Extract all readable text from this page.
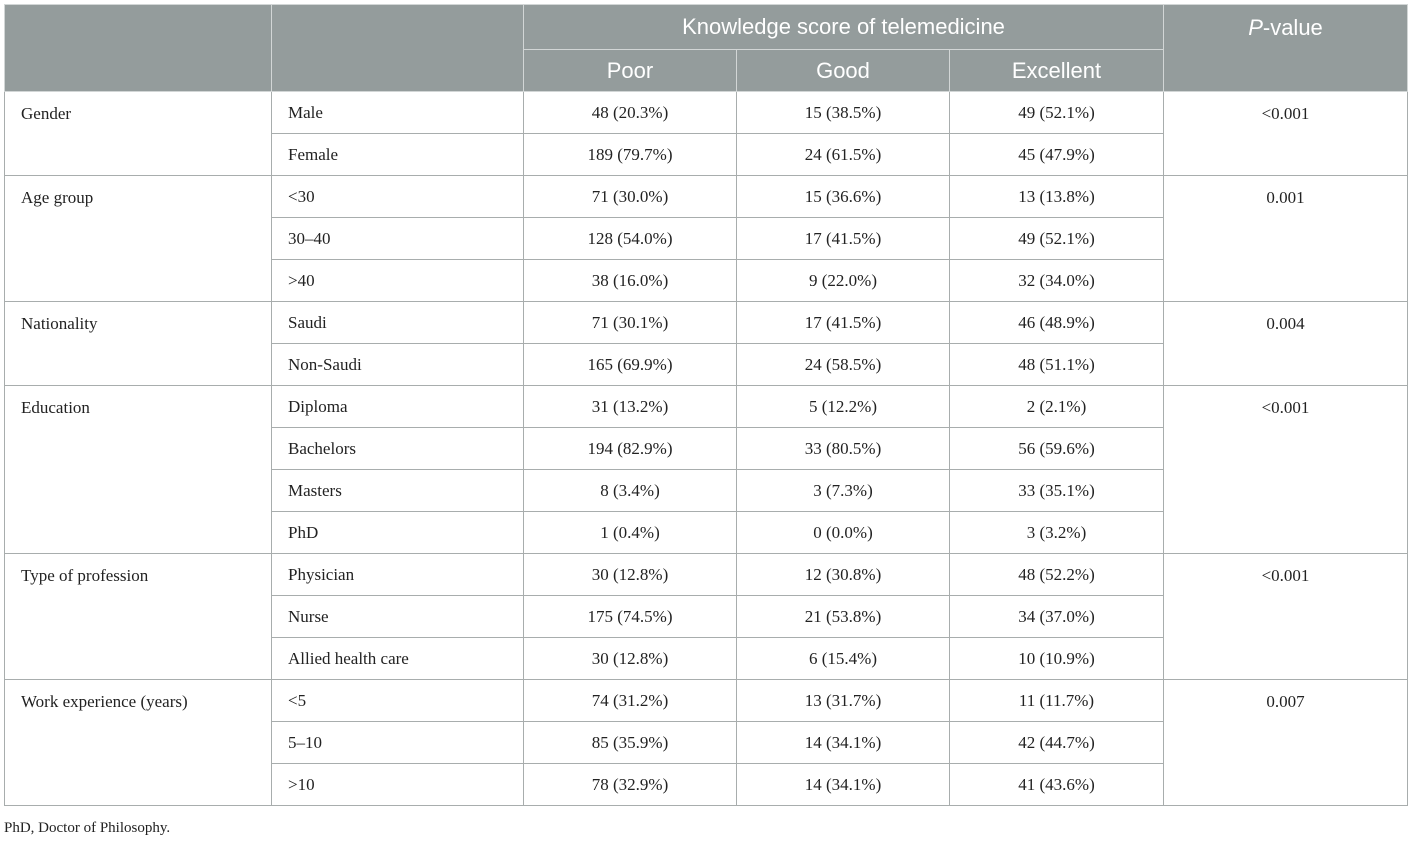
		Knowledge score of telemedicine			P-value
		Poor	Good	Excellent	
Gender	Male	48 (20.3%)	15 (38.5%)	49 (52.1%)	<0.001
	Female	189 (79.7%)	24 (61.5%)	45 (47.9%)	
Age group	<30	71 (30.0%)	15 (36.6%)	13 (13.8%)	0.001
	30–40	128 (54.0%)	17 (41.5%)	49 (52.1%)	
	>40	38 (16.0%)	9 (22.0%)	32 (34.0%)	
Nationality	Saudi	71 (30.1%)	17 (41.5%)	46 (48.9%)	0.004
	Non-Saudi	165 (69.9%)	24 (58.5%)	48 (51.1%)	
Education	Diploma	31 (13.2%)	5 (12.2%)	2 (2.1%)	<0.001
	Bachelors	194 (82.9%)	33 (80.5%)	56 (59.6%)	
	Masters	8 (3.4%)	3 (7.3%)	33 (35.1%)	
	PhD	1 (0.4%)	0 (0.0%)	3 (3.2%)	
Type of profession	Physician	30 (12.8%)	12 (30.8%)	48 (52.2%)	<0.001
	Nurse	175 (74.5%)	21 (53.8%)	34 (37.0%)	
	Allied health care	30 (12.8%)	6 (15.4%)	10 (10.9%)	
Work experience (years)	<5	74 (31.2%)	13 (31.7%)	11 (11.7%)	0.007
	5–10	85 (35.9%)	14 (34.1%)	42 (44.7%)	
	>10	78 (32.9%)	14 (34.1%)	41 (43.6%)	
PhD, Doctor of Philosophy.
